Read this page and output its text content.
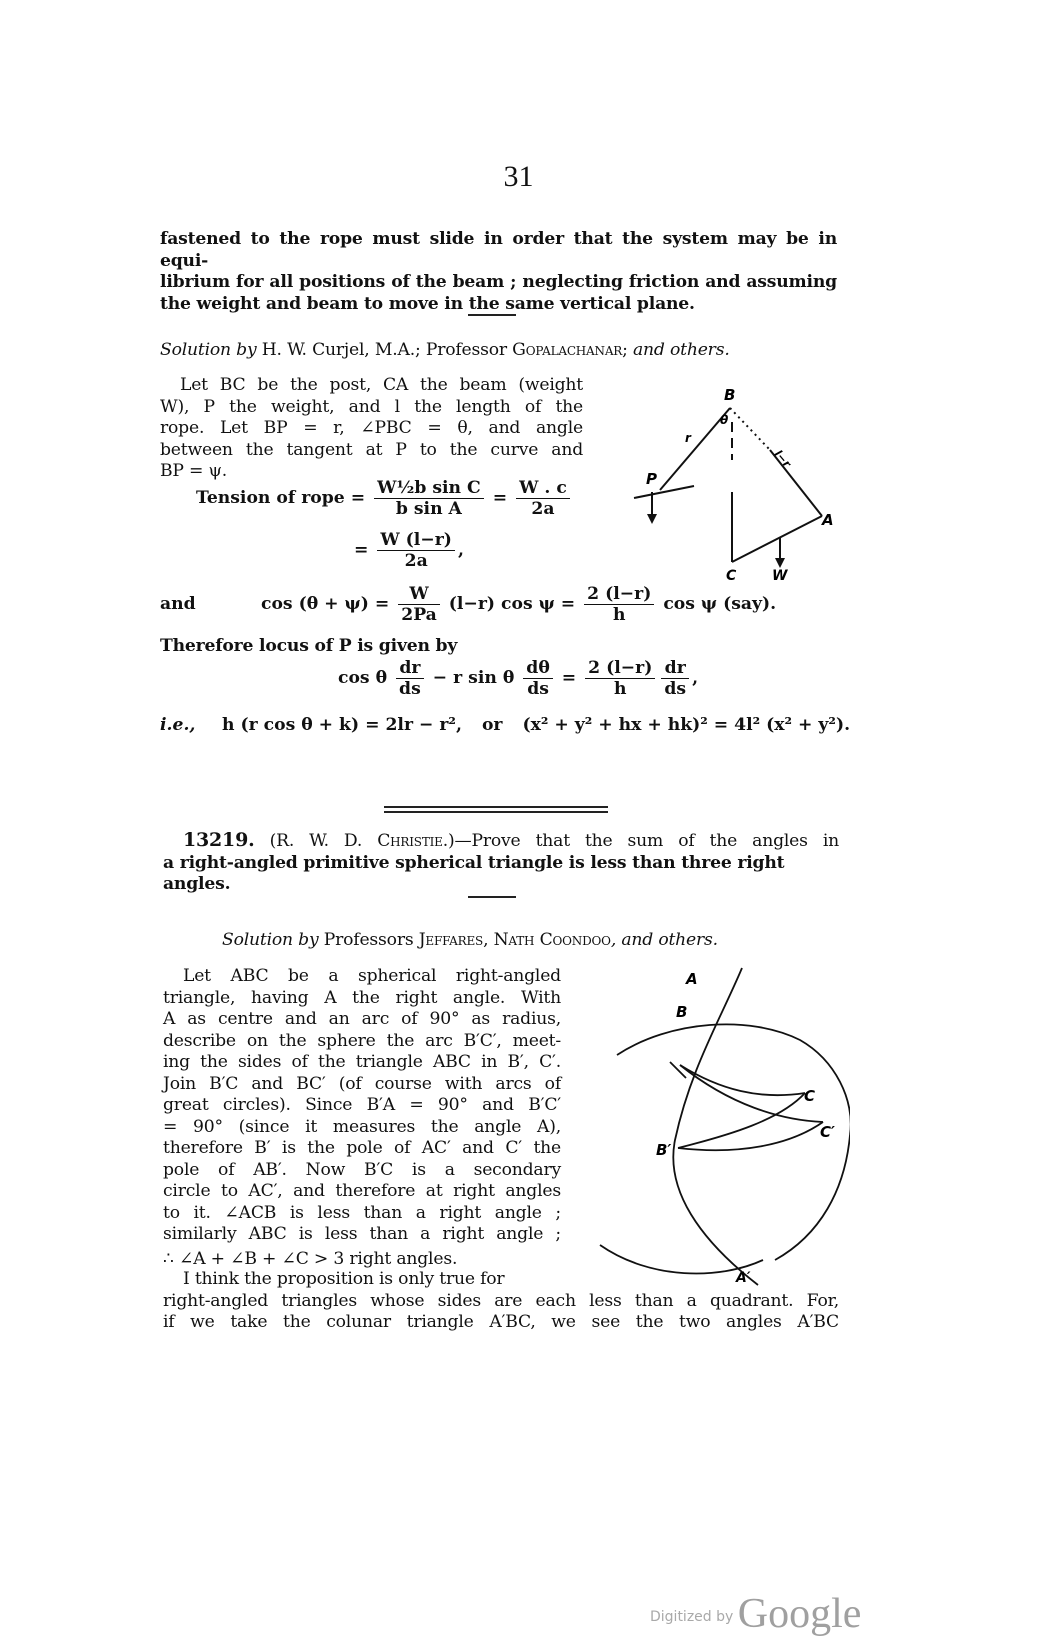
31
fastened to the rope must slide in order that the system may be in equi-
librium for all positions of the beam ; neglecting friction and assuming
the weight and beam to move in the same vertical plane.
Solution by H. W. Curjel, M.A.; Professor Gopalachanar; and others.
Let BC be the post, CA the beam (weight
W), P the weight, and l the length of the
rope. Let BP = r, ∠PBC = θ, and angle
between the tangent at P to the curve and
BP = ψ.
Tension of rope = $\frac{\text{W½b sin C}}{\text{b sin A}} = \frac{W . c}{2a}$
= $\frac{W (l-r)}{2a}$ ,
and	$\cos (\theta + \psi) = \frac{W}{2Pa} (l-r)$ $\cos \psi = \frac{2 (l-r)}{h}$ cos ψ (say).
Therefore locus of P is given by
cos θ $\frac{dr}{ds} - r$ sin θ $\frac{d\theta}{ds} = \frac{2 (l-r)}{h} \frac{dr}{ds}$ ,
i.e., h (r cos θ + k) = 2lr − r², or (x² + y² + hx + hk)² = 4l² (x² + y²).
B
θ
r
l−r
P
A
C	W
13219. (R. W. D. Christie.)—Prove that the sum of the angles in
a right-angled primitive spherical triangle is less than three right angles.
Solution by Professors Jeffares, Nath Coondoo, and others.
Let ABC be a spherical right-angled
triangle, having A the right angle. With
A as centre and an arc of 90° as radius,
describe on the sphere the arc B′C′, meet-
ing the sides of the triangle ABC in B′, C′.
Join B′C and BC′ (of course with arcs of
great circles). Since B′A = 90° and B′C′
= 90° (since it measures the angle A),
therefore B′ is the pole of AC′ and C′ the
pole of AB′. Now B′C is a secondary
circle to AC′, and therefore at right angles
to it. ∠ACB is less than a right angle ;
similarly ABC is less than a right angle ;
∴ ∠A + ∠B + ∠C > 3 right angles.
I think the proposition is only true for
right-angled triangles whose sides are each less than a quadrant. For,
if we take the colunar triangle A′BC, we see the two angles A′BC
A
B
C
C′
B′
A′
Digitized by Google
